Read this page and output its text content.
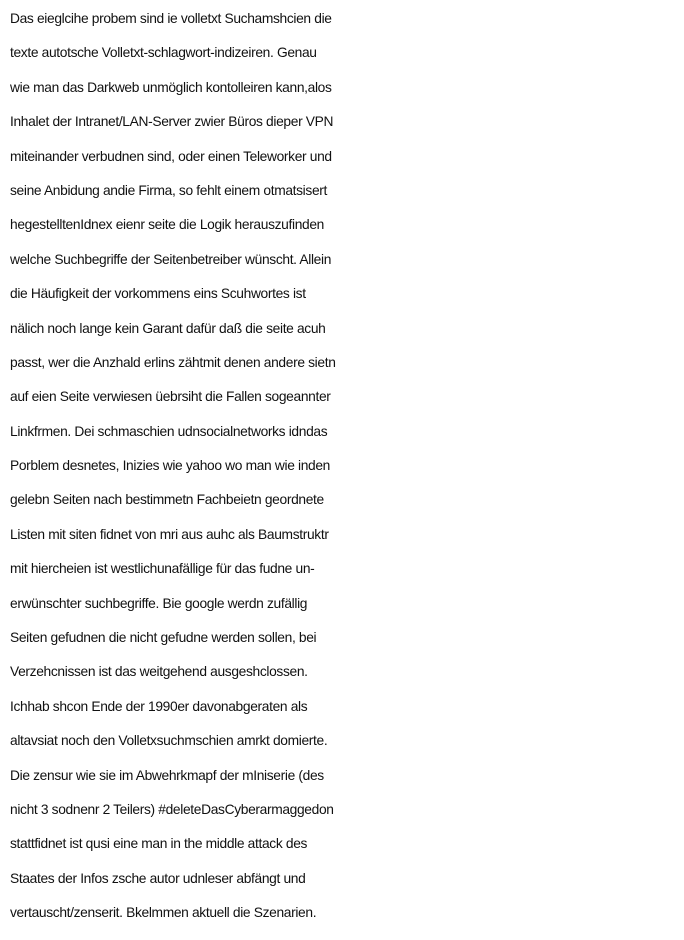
Das eieglcihe probem sind ie volletxt Suchamshcien die
texte autotsche Volletxt-schlagwort-indizeiren. Genau
wie man das Darkweb unmöglich kontolleiren kann,alos
Inhalet der Intranet/LAN-Server zwier Büros dieper VPN
miteinander verbudnen sind, oder einen Teleworker und
seine Anbidung andie Firma, so fehlt einem otmatsisert
hegestelltenIdnex eienr seite die Logik herauszufinden
welche Suchbegriffe der Seitenbetreiber wünscht. Allein
die Häufigkeit der vorkommens eins Scuhwortes ist
nälich noch lange kein Garant dafür daß die seite acuh
passt, wer die Anzhald erlins zähtmit denen andere sietn
auf eien Seite verwiesen üebrsiht die Fallen sogeannter
Linkfrmen. Dei schmaschien udnsocialnetworks idndas
Porblem desnetes, Inizies wie yahoo wo man wie inden
gelebn Seiten nach bestimmetn Fachbeietn geordnete
Listen mit siten fidnet von mri aus auhc als Baumstruktr
mit hiercheien ist westlichunafällige für das fudne un-
erwünschter suchbegriffe. Bie google werdn zufällig
Seiten gefudnen die nicht gefudne werden sollen, bei
Verzehcnissen ist das weitgehend ausgeshclossen.
Ichhab shcon Ende der 1990er davonabgeraten als
altavsiat noch den Volletxsuchmschien amrkt domierte.
Die zensur wie sie im Abwehrkmapf der mIniserie (des
nicht 3 sodnenr 2 Teilers) #deleteDasCyberarmaggedon
stattfidnet ist qusi eine man in the middle attack des
Staates der Infos zsche autor udnleser abfängt und
vertauscht/zenserit. Bkelmmen aktuell die Szenarien.
